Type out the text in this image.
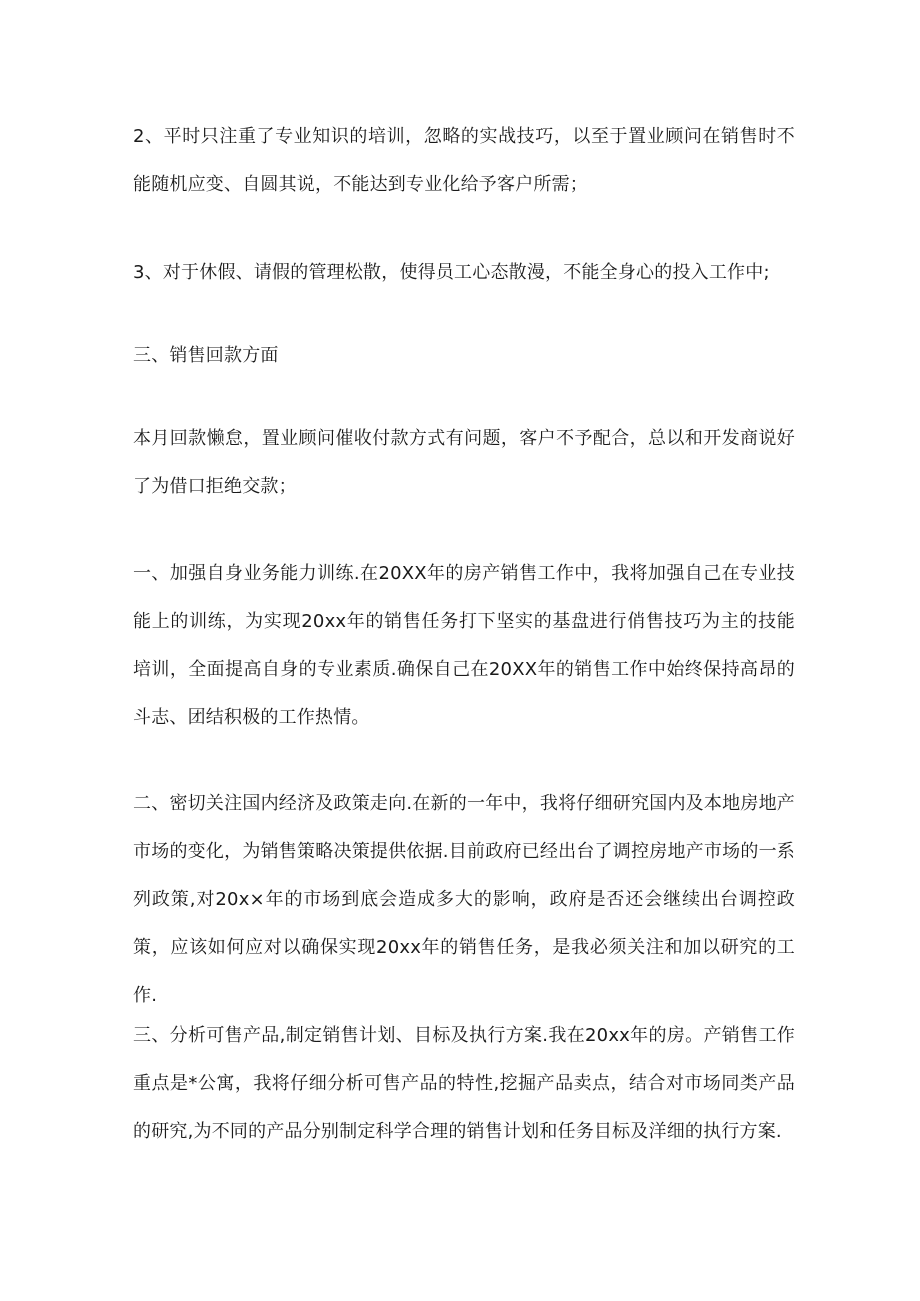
2、平时只注重了专业知识的培训，忽略的实战技巧，以至于置业顾问在销售时不能随机应变、自圆其说，不能达到专业化给予客户所需；

3、对于休假、请假的管理松散，使得员工心态散漫，不能全身心的投入工作中;

三、销售回款方面

本月回款懒怠，置业顾问催收付款方式有问题，客户不予配合，总以和开发商说好了为借口拒绝交款；

一、加强自身业务能力训练.在20XX年的房产销售工作中，我将加强自己在专业技能上的训练，为实现20xx年的销售任务打下坚实的基盘进行俏售技巧为主的技能培训，全面提高自身的专业素质.确保自己在20XX年的销售工作中始终保持高昂的斗志、团结积极的工作热情。

二、密切关注国内经济及政策走向.在新的一年中，我将仔细研究国内及本地房地产市场的变化，为销售策略决策提供依据.目前政府已经出台了调控房地产市场的一系列政策,对20x×年的市场到底会造成多大的影响，政府是否还会继续出台调控政策，应该如何应对以确保实现20xx年的销售任务，是我必须关注和加以研究的工作.

三、分析可售产品,制定销售计划、目标及执行方案.我在20xx年的房。产销售工作重点是*公寓，我将仔细分析可售产品的特性,挖掘产品卖点，结合对市场同类产品的研究,为不同的产品分别制定科学合理的销售计划和任务目标及洋细的执行方案.
